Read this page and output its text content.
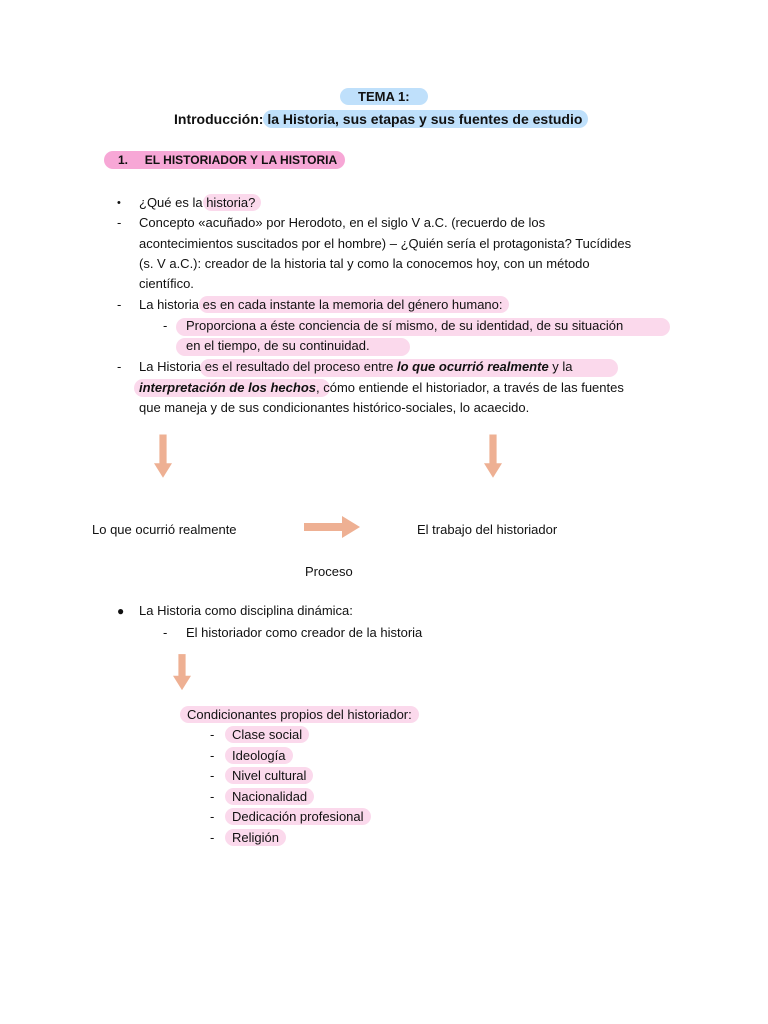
TEMA 1:
Introducción: la Historia, sus etapas y sus fuentes de estudio
1. EL HISTORIADOR Y LA HISTORIA
• ¿Qué es la historia?
- Concepto «acuñado» por Herodoto, en el siglo V a.C. (recuerdo de los
acontecimientos suscitados por el hombre) – ¿Quién sería el protagonista? Tucídides
(s. V a.C.): creador de la historia tal y como la conocemos hoy, con un método
científico.
- La historia es en cada instante la memoria del género humano:
- Proporciona a éste conciencia de sí mismo, de su identidad, de su situación
en el tiempo, de su continuidad.
- La Historia es el resultado del proceso entre lo que ocurrió realmente y la
interpretación de los hechos, cómo entiende el historiador, a través de las fuentes
que maneja y de sus condicionantes histórico-sociales, lo acaecido.
Lo que ocurrió realmente	El trabajo del historiador
Proceso
● La Historia como disciplina dinámica:
- El historiador como creador de la historia
Condicionantes propios del historiador:
-	Clase social
-	Ideología
-	Nivel cultural
-	Nacionalidad
-	Dedicación profesional
-	Religión
